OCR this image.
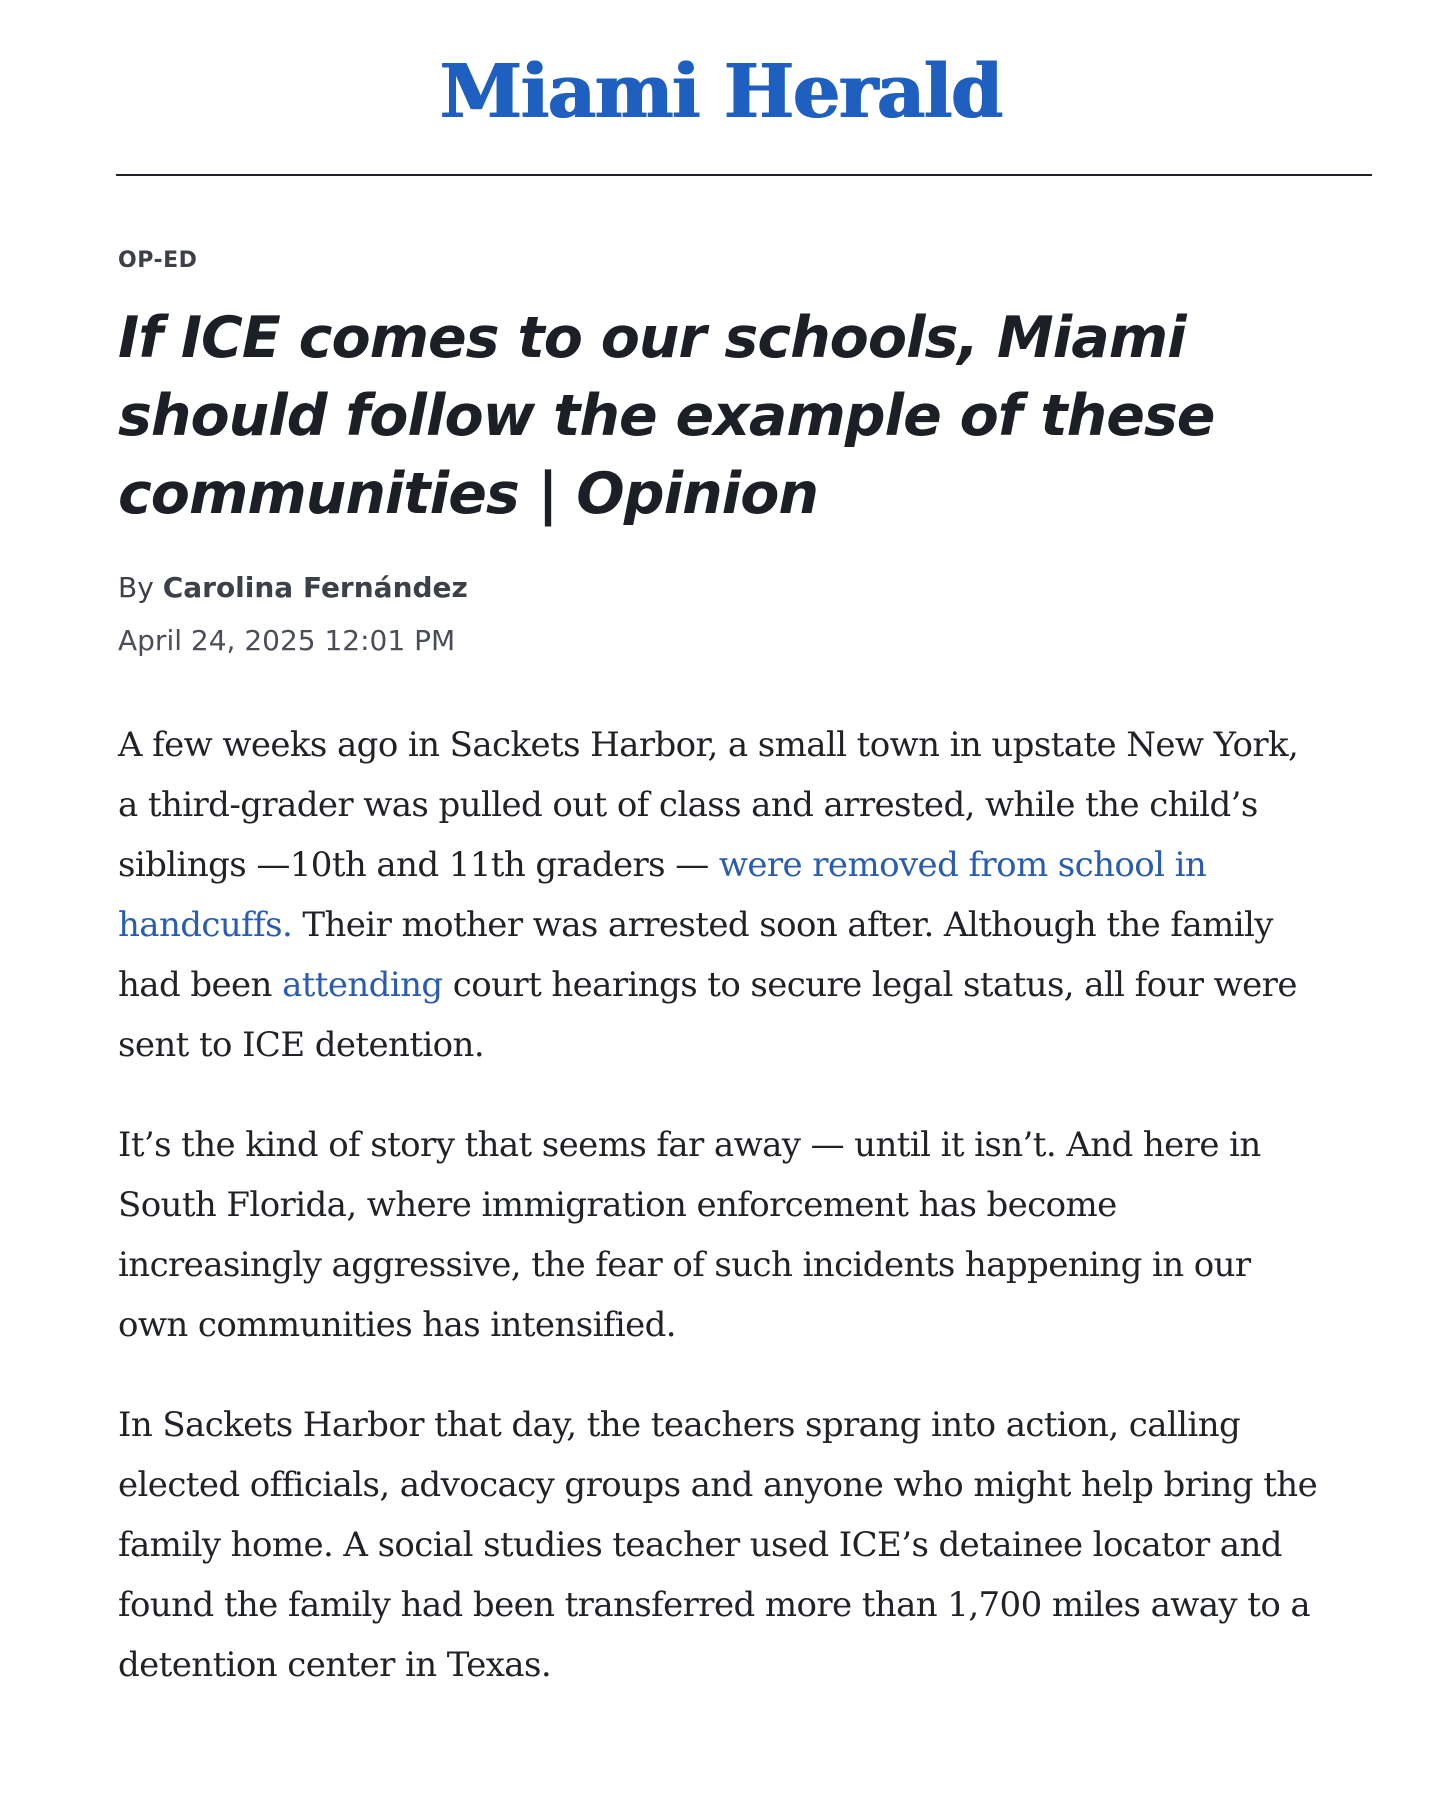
Miami Herald
OP-ED
If ICE comes to our schools, Miami should follow the example of these communities | Opinion
By Carolina Fernández
April 24, 2025 12:01 PM

A few weeks ago in Sackets Harbor, a small town in upstate New York, a third-grader was pulled out of class and arrested, while the child’s siblings —10th and 11th graders — were removed from school in handcuffs. Their mother was arrested soon after. Although the family had been attending court hearings to secure legal status, all four were sent to ICE detention.

It’s the kind of story that seems far away — until it isn’t. And here in South Florida, where immigration enforcement has become increasingly aggressive, the fear of such incidents happening in our own communities has intensified.

In Sackets Harbor that day, the teachers sprang into action, calling elected officials, advocacy groups and anyone who might help bring the family home. A social studies teacher used ICE’s detainee locator and found the family had been transferred more than 1,700 miles away to a detention center in Texas.
